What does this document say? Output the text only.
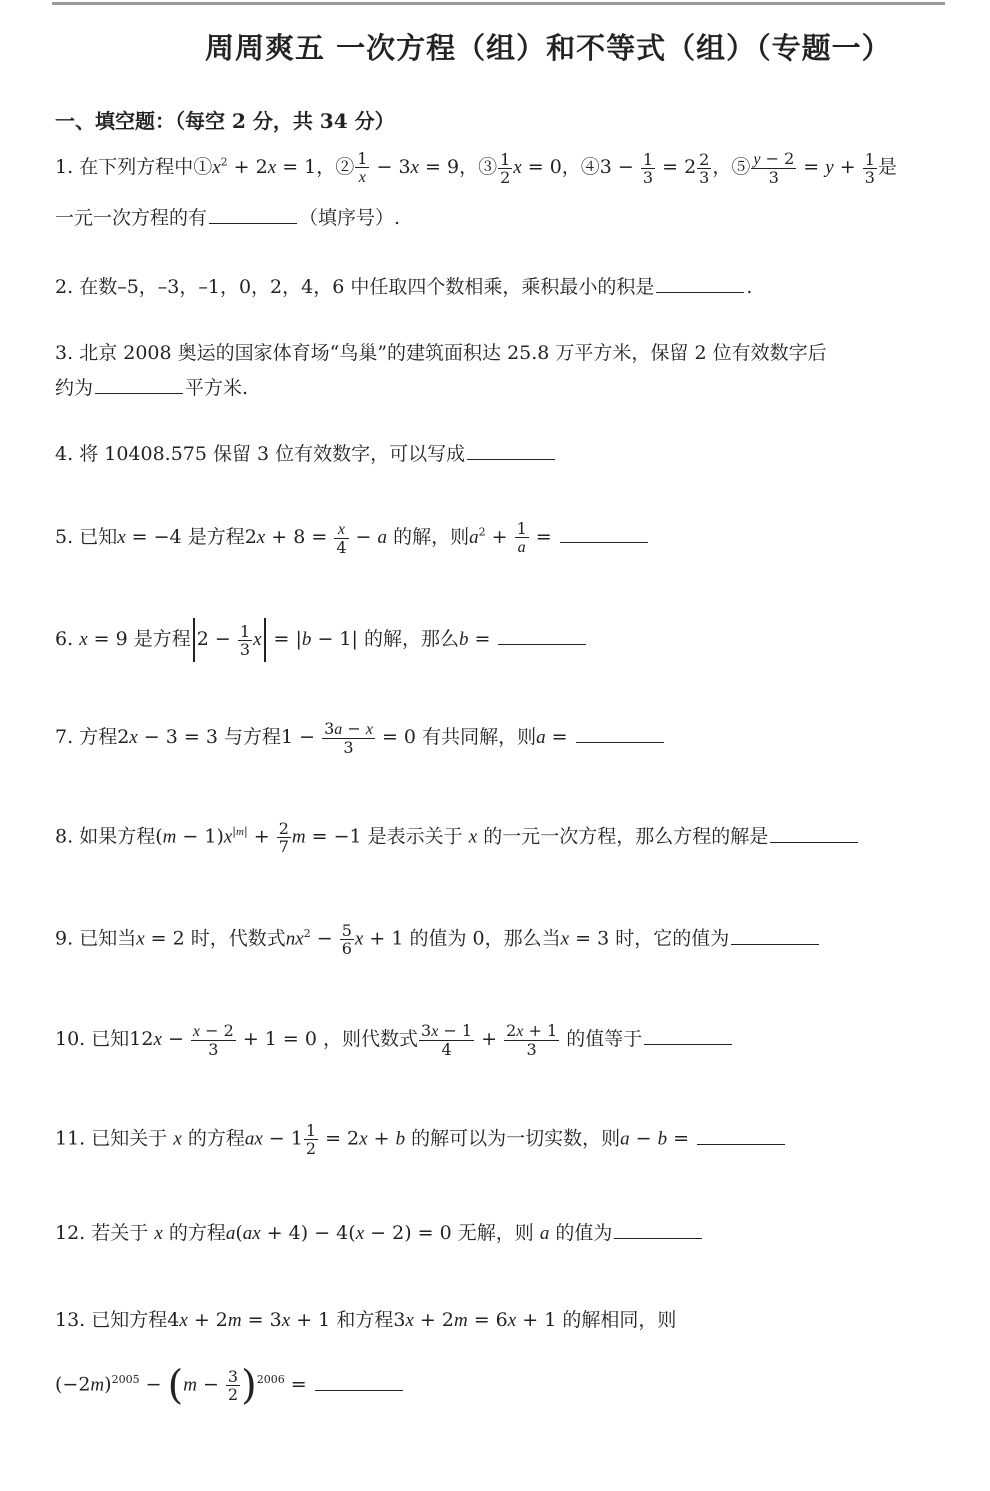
周周爽五 一次方程（组）和不等式（组）（专题一）
一、填空题：（每空 2 分，共 34 分）
1. 在下列方程中$①x^2 + 2x = 1$，② $\frac{1}{x} - 3x = 9$，③ $\frac{1}{2}$ x = 0，④3 − $\frac{1}{3} = 2 \frac{2}{3}$ ，⑤ $\frac{y - 2}{3} = y + \frac{1}{3}$ 是
一元一次方程的有	（填序号）.
2. 在数–5，–3，–1，0，2，4，6 中任取四个数相乘，乘积最小的积是	.
3. 北京 2008 奥运的国家体育场“鸟巢”的建筑面积达 25.8 万平方米，保留 2 位有效数字后
约为	平方米.
4. 将 10408.575 保留 3 位有效数字，可以写成
5. 已知x = −4 是方程$2x + 8 = \frac{x}{4} - a$ 的解，则$a^2 + \frac{1}{a}$ =
6. x = 9 是方程 $2 - \frac{1}{3}$ x = |b − 1| 的解，那么b =
7. 方程2x − 3 = 3 与方程$1 - \frac{3a - x}{3} = 0$ 有共同解，则a =
8. 如果方程$(m - 1)x^{|m|} + \frac{2}{7}$ m = −1 是表示关于 x 的一元一次方程，那么方程的解是
9. 已知当x = 2 时，代数式$nx^2 - \frac{5}{6}$ x + 1 的值为 0，那么当x = 3 时，它的值为
10. 已知$12x - \frac{x - 2}{3} + 1 = 0$ ，则代数式 $\frac{3x - 1}{4} + \frac{2x + 1}{3}$ 的值等于
11. 已知关于 x 的方程ax − $1 \frac{1}{2} = 2x + b$ 的解可以为一切实数，则a − b =
12. 若关于 x 的方程a(ax + 4) − 4(x − 2) = 0 无解，则 a 的值为
13. 已知方程4x + 2m = 3x + 1 和方程3x + 2m = 6x + 1 的解相同，则
$(-2m)^{2005} - (m - \frac{3}{2} )^{2006}$ =
